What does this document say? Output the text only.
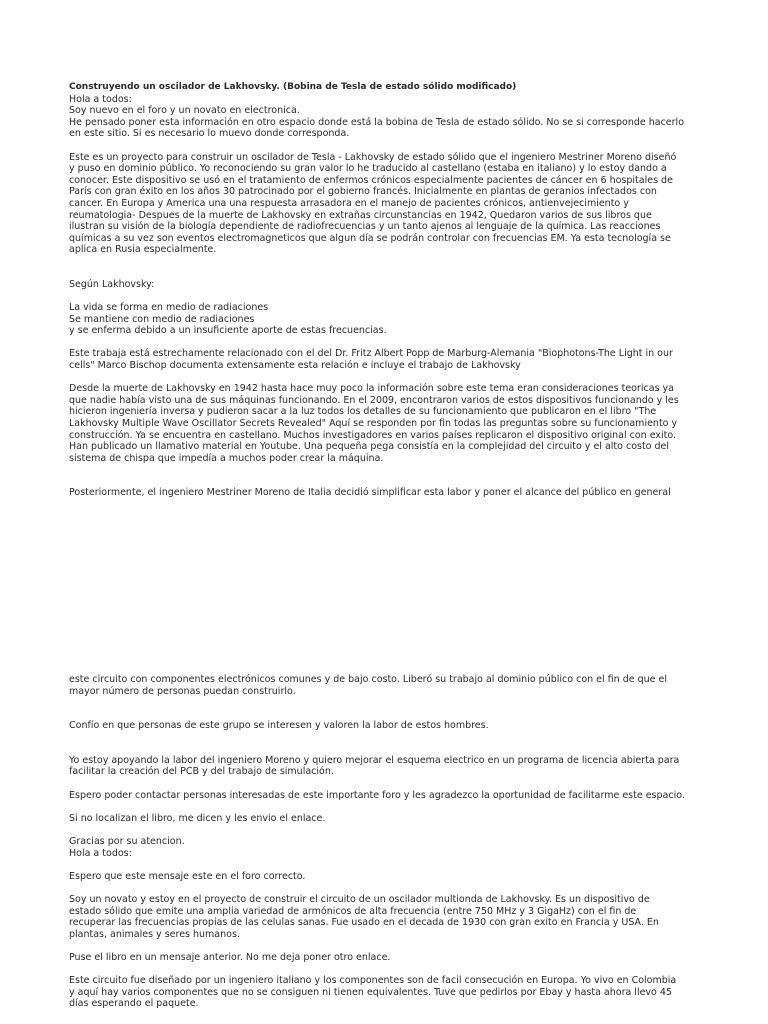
Construyendo un oscilador de Lakhovsky. (Bobina de Tesla de estado sólido modificado)

Hola a todos:
Soy nuevo en el foro y un novato en electronica.
He pensado poner esta información en otro espacio donde está la bobina de Tesla de estado sólido. No se si corresponde hacerlo
en este sitio. Si es necesario lo muevo donde corresponda.
Este es un proyecto para construir un oscilador de Tesla - Lakhovsky de estado sólido que el ingeniero Mestriner Moreno diseñó
y puso en dominio público. Yo reconociendo su gran valor lo he traducido al castellano (estaba en italiano) y lo estoy dando a
conocer. Este dispositivo se usó en el tratamiento de enfermos crónicos especialmente pacientes de cáncer en 6 hospitales de
París con gran éxito en los años 30 patrocinado por el gobierno francés. Inicialmente en plantas de geranios infectados con
cancer. En Europa y America una una respuesta arrasadora en el manejo de pacientes crónicos, antienvejecimiento y
reumatologia- Despues de la muerte de Lakhovsky en extrañas circunstancias en 1942, Quedaron varios de sus libros que
ilustran su visión de la biología dependiente de radiofrecuencias y un tanto ajenos al lenguaje de la química. Las reacciones
químicas a su vez son eventos electromagneticos que algun día se podrán controlar con frecuencias EM. Ya esta tecnología se
aplica en Rusia especialmente.

Según Lakhovsky:

La vida se forma en medio de radiaciones
Se mantiene con medio de radiaciones
y se enferma debido a un insuficiente aporte de estas frecuencias.
Este trabaja está estrechamente relacionado con el del Dr. Fritz Albert Popp de Marburg-Alemania "Biophotons-The Light in our
cells" Marco Bischop documenta extensamente esta relación e incluye el trabajo de Lakhovsky
Desde la muerte de Lakhovsky en 1942 hasta hace muy poco la información sobre este tema eran consideraciones teoricas ya
que nadie había visto una de sus máquinas funcionando. En el 2009, encontraron varios de estos dispositivos funcionando y les
hicieron ingeniería inversa y pudieron sacar a la luz todos los detalles de su funcionamiento que publicaron en el libro "The
Lakhovsky Multiple Wave Oscillator Secrets Revealed" Aquí se responden por fin todas las preguntas sobre su funcionamiento y
construcción. Ya se encuentra en castellano. Muchos investigadores en varios países replicaron el dispositivo original con exito.
Han publicado un llamativo material en Youtube. Una pequeña pega consistía en la complejidad del circuito y el alto costo del
sistema de chispa que impedía a muchos poder crear la máquina.

Posteriormente, el ingeniero Mestriner Moreno de Italia decidió simplificar esta labor y poner el alcance del público en general

este circuito con componentes electrónicos comunes y de bajo costo. Liberó su trabajo al dominio público con el fin de que el
mayor número de personas puedan construirlo.

Confío en que personas de este grupo se interesen y valoren la labor de estos hombres.

Yo estoy apoyando la labor del ingeniero Moreno y quiero mejorar el esquema electrico en un programa de licencia abierta para
facilitar la creación del PCB y del trabajo de simulación.

Espero poder contactar personas interesadas de este importante foro y les agradezco la oportunidad de facilitarme este espacio.

Si no localizan el libro, me dicen y les envio el enlace.

Gracias por su atencion.
Hola a todos:

Espero que este mensaje este en el foro correcto.

Soy un novato y estoy en el proyecto de construir el circuito de un oscilador multionda de Lakhovsky. Es un dispositivo de
estado sólido que emite una amplia variedad de armónicos de alta frecuencia (entre 750 MHz y 3 GigaHz) con el fin de
recuperar las frecuencias propias de las celulas sanas. Fue usado en el decada de 1930 con gran exito en Francia y USA. En
plantas, animales y seres humanos.

Puse el libro en un mensaje anterior. No me deja poner otro enlace.

Este circuito fue diseñado por un ingeniero italiano y los componentes son de facil consecución en Europa. Yo vivo en Colombia
y aquí hay varios componentes que no se consiguen ni tienen equivalentes. Tuve que pedirlos por Ebay y hasta ahora llevo 45
días esperando el paquete.
